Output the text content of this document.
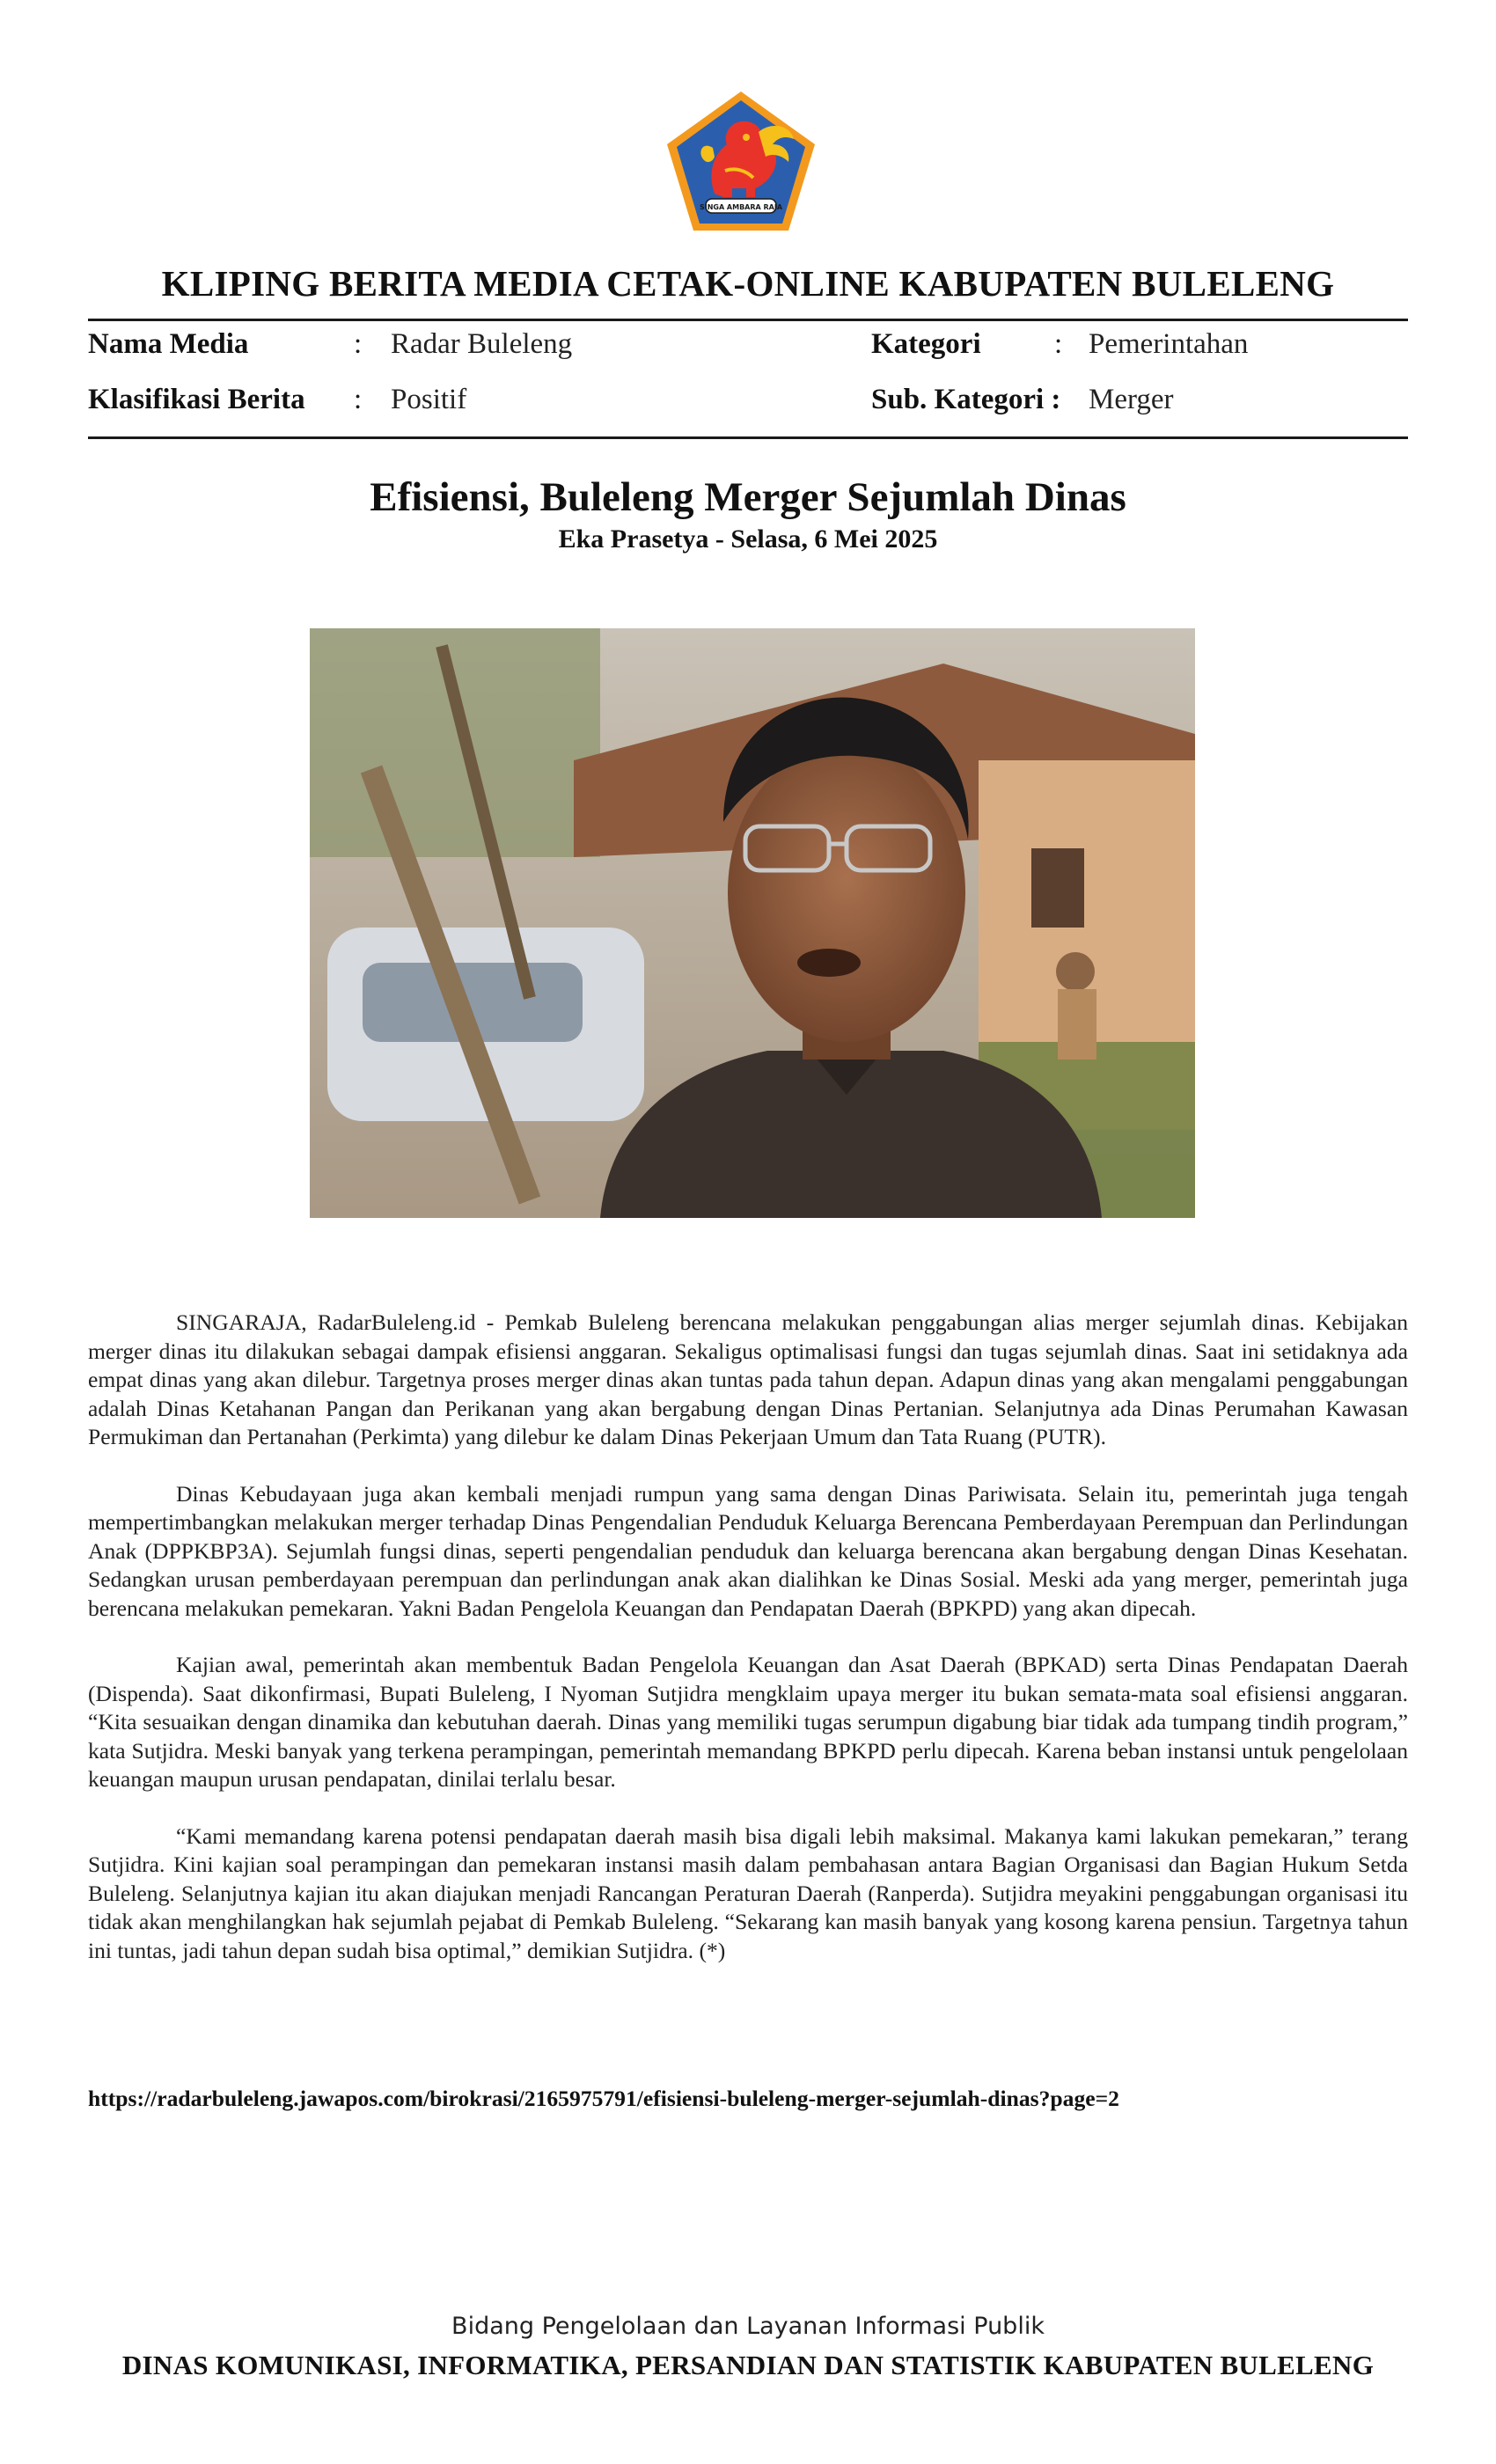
SINGA AMBARA RAJA
KLIPING BERITA MEDIA CETAK-ONLINE KABUPATEN BULELENG
Nama Media	: Radar Buleleng	Kategori	: Pemerintahan
Klasifikasi Berita : Positif	Sub. Kategori : Merger
Efisiensi, Buleleng Merger Sejumlah Dinas
Eka Prasetya - Selasa, 6 Mei 2025

SINGARAJA, RadarBuleleng.id - Pemkab Buleleng berencana melakukan penggabungan alias merger sejumlah dinas. Kebijakan merger dinas itu dilakukan sebagai dampak efisiensi anggaran. Sekaligus optimalisasi fungsi dan tugas sejumlah dinas. Saat ini setidaknya ada empat dinas yang akan dilebur. Targetnya proses merger dinas akan tuntas pada tahun depan. Adapun dinas yang akan mengalami penggabungan adalah Dinas Ketahanan Pangan dan Perikanan yang akan bergabung dengan Dinas Pertanian. Selanjutnya ada Dinas Perumahan Kawasan Permukiman dan Pertanahan (Perkimta) yang dilebur ke dalam Dinas Pekerjaan Umum dan Tata Ruang (PUTR).

Dinas Kebudayaan juga akan kembali menjadi rumpun yang sama dengan Dinas Pariwisata. Selain itu, pemerintah juga tengah mempertimbangkan melakukan merger terhadap Dinas Pengendalian Penduduk Keluarga Berencana Pemberdayaan Perempuan dan Perlindungan Anak (DPPKBP3A). Sejumlah fungsi dinas, seperti pengendalian penduduk dan keluarga berencana akan bergabung dengan Dinas Kesehatan. Sedangkan urusan pemberdayaan perempuan dan perlindungan anak akan dialihkan ke Dinas Sosial. Meski ada yang merger, pemerintah juga berencana melakukan pemekaran. Yakni Badan Pengelola Keuangan dan Pendapatan Daerah (BPKPD) yang akan dipecah.

Kajian awal, pemerintah akan membentuk Badan Pengelola Keuangan dan Asat Daerah (BPKAD) serta Dinas Pendapatan Daerah (Dispenda). Saat dikonfirmasi, Bupati Buleleng, I Nyoman Sutjidra mengklaim upaya merger itu bukan semata-mata soal efisiensi anggaran. “Kita sesuaikan dengan dinamika dan kebutuhan daerah. Dinas yang memiliki tugas serumpun digabung biar tidak ada tumpang tindih program,” kata Sutjidra. Meski banyak yang terkena perampingan, pemerintah memandang BPKPD perlu dipecah. Karena beban instansi untuk pengelolaan keuangan maupun urusan pendapatan, dinilai terlalu besar.

“Kami memandang karena potensi pendapatan daerah masih bisa digali lebih maksimal. Makanya kami lakukan pemekaran,” terang Sutjidra. Kini kajian soal perampingan dan pemekaran instansi masih dalam pembahasan antara Bagian Organisasi dan Bagian Hukum Setda Buleleng. Selanjutnya kajian itu akan diajukan menjadi Rancangan Peraturan Daerah (Ranperda). Sutjidra meyakini penggabungan organisasi itu tidak akan menghilangkan hak sejumlah pejabat di Pemkab Buleleng. “Sekarang kan masih banyak yang kosong karena pensiun. Targetnya tahun ini tuntas, jadi tahun depan sudah bisa optimal,” demikian Sutjidra. (*)

https://radarbuleleng.jawapos.com/birokrasi/2165975791/efisiensi-buleleng-merger-sejumlah-dinas?page=2
Bidang Pengelolaan dan Layanan Informasi Publik
DINAS KOMUNIKASI, INFORMATIKA, PERSANDIAN DAN STATISTIK KABUPATEN BULELENG
